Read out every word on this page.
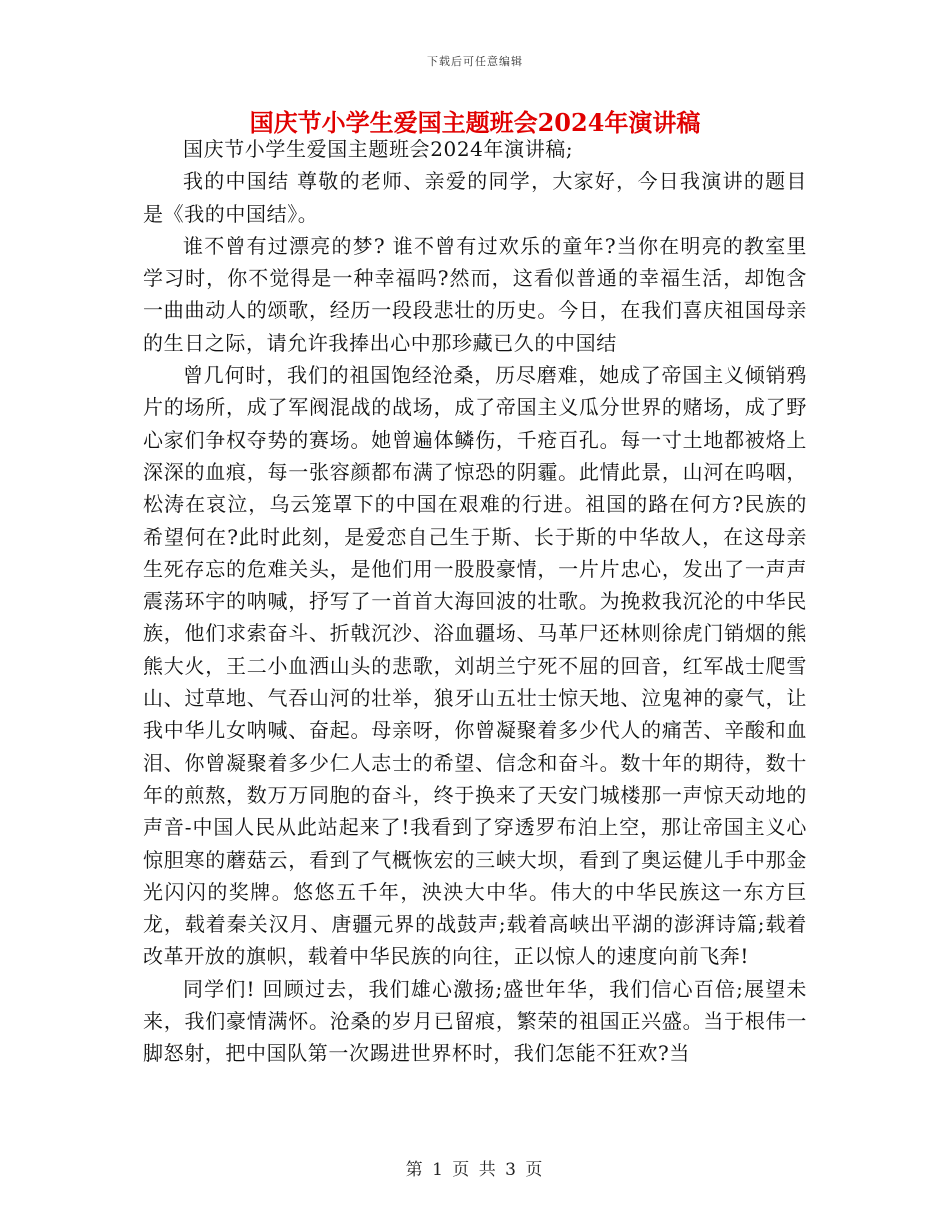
下载后可任意编辑
国庆节小学生爱国主题班会2024年演讲稿

国庆节小学生爱国主题班会2024年演讲稿;

我的中国结 尊敬的老师、亲爱的同学，大家好，今日我演讲的题目是《我的中国结》。

谁不曾有过漂亮的梦? 谁不曾有过欢乐的童年?当你在明亮的教室里学习时，你不觉得是一种幸福吗?然而，这看似普通的幸福生活，却饱含一曲曲动人的颂歌，经历一段段悲壮的历史。今日，在我们喜庆祖国母亲的生日之际，请允许我捧出心中那珍藏已久的中国结

曾几何时，我们的祖国饱经沧桑，历尽磨难，她成了帝国主义倾销鸦片的场所，成了军阀混战的战场，成了帝国主义瓜分世界的赌场，成了野心家们争权夺势的赛场。她曾遍体鳞伤，千疮百孔。每一寸土地都被烙上深深的血痕，每一张容颜都布满了惊恐的阴霾。此情此景，山河在呜咽，松涛在哀泣，乌云笼罩下的中国在艰难的行进。祖国的路在何方?民族的希望何在?此时此刻，是爱恋自己生于斯、长于斯的中华故人，在这母亲生死存忘的危难关头，是他们用一股股豪情，一片片忠心，发出了一声声震荡环宇的呐喊，抒写了一首首大海回波的壮歌。为挽救我沉沦的中华民族，他们求索奋斗、折戟沉沙、浴血疆场、马革尸还林则徐虎门销烟的熊熊大火，王二小血洒山头的悲歌，刘胡兰宁死不屈的回音，红军战士爬雪山、过草地、气吞山河的壮举，狼牙山五壮士惊天地、泣鬼神的豪气，让我中华儿女呐喊、奋起。母亲呀，你曾凝聚着多少代人的痛苦、辛酸和血泪、你曾凝聚着多少仁人志士的希望、信念和奋斗。数十年的期待，数十年的煎熬，数万万同胞的奋斗，终于换来了天安门城楼那一声惊天动地的声音-中国人民从此站起来了!我看到了穿透罗布泊上空，那让帝国主义心惊胆寒的蘑菇云，看到了气概恢宏的三峡大坝，看到了奥运健儿手中那金光闪闪的奖牌。悠悠五千年，泱泱大中华。伟大的中华民族这一东方巨龙，载着秦关汉月、唐疆元界的战鼓声;载着高峡出平湖的澎湃诗篇;载着改革开放的旗帜，载着中华民族的向往，正以惊人的速度向前飞奔!

同学们! 回顾过去，我们雄心激扬;盛世年华，我们信心百倍;展望未来，我们豪情满怀。沧桑的岁月已留痕，繁荣的祖国正兴盛。当于根伟一脚怒射，把中国队第一次踢进世界杯时，我们怎能不狂欢?当

第 1 页 共 3 页
